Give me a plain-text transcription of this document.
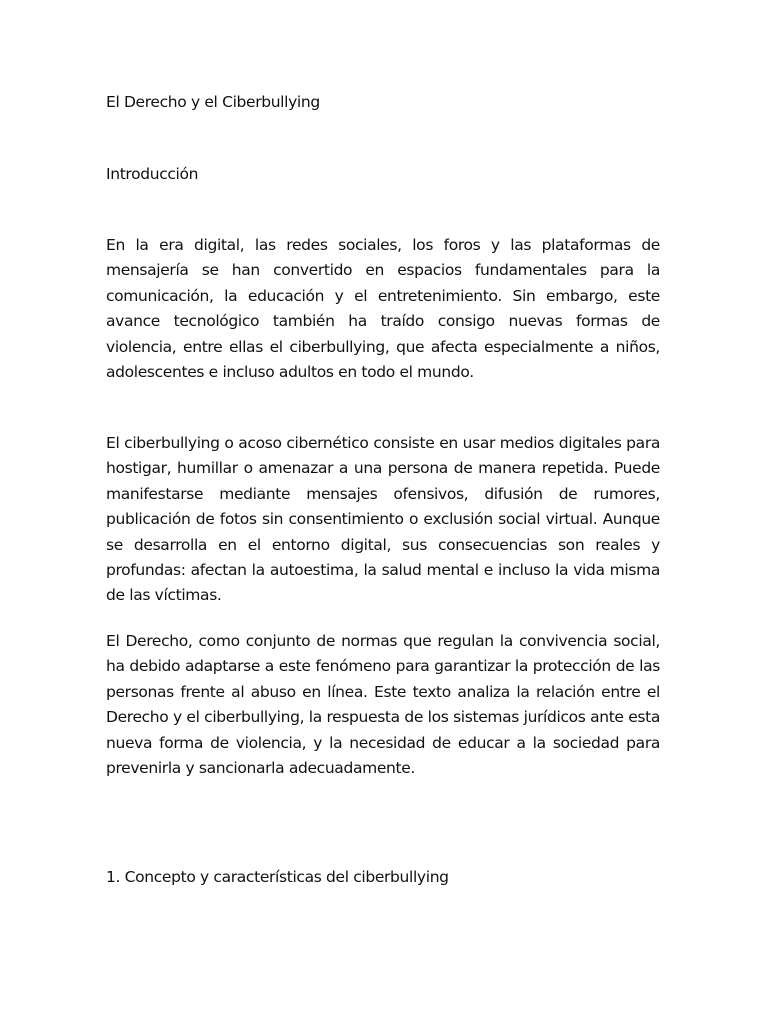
El Derecho y el Ciberbullying

Introducción

En la era digital, las redes sociales, los foros y las plataformas de mensajería se han convertido en espacios fundamentales para la comunicación, la educación y el entretenimiento. Sin embargo, este avance tecnológico también ha traído consigo nuevas formas de violencia, entre ellas el ciberbullying, que afecta especialmente a niños, adolescentes e incluso adultos en todo el mundo.

El ciberbullying o acoso cibernético consiste en usar medios digitales para hostigar, humillar o amenazar a una persona de manera repetida. Puede manifestarse mediante mensajes ofensivos, difusión de rumores, publicación de fotos sin consentimiento o exclusión social virtual. Aunque se desarrolla en el entorno digital, sus consecuencias son reales y profundas: afectan la autoestima, la salud mental e incluso la vida misma de las víctimas.

El Derecho, como conjunto de normas que regulan la convivencia social, ha debido adaptarse a este fenómeno para garantizar la protección de las personas frente al abuso en línea. Este texto analiza la relación entre el Derecho y el ciberbullying, la respuesta de los sistemas jurídicos ante esta nueva forma de violencia, y la necesidad de educar a la sociedad para prevenirla y sancionarla adecuadamente.

1. Concepto y características del ciberbullying
